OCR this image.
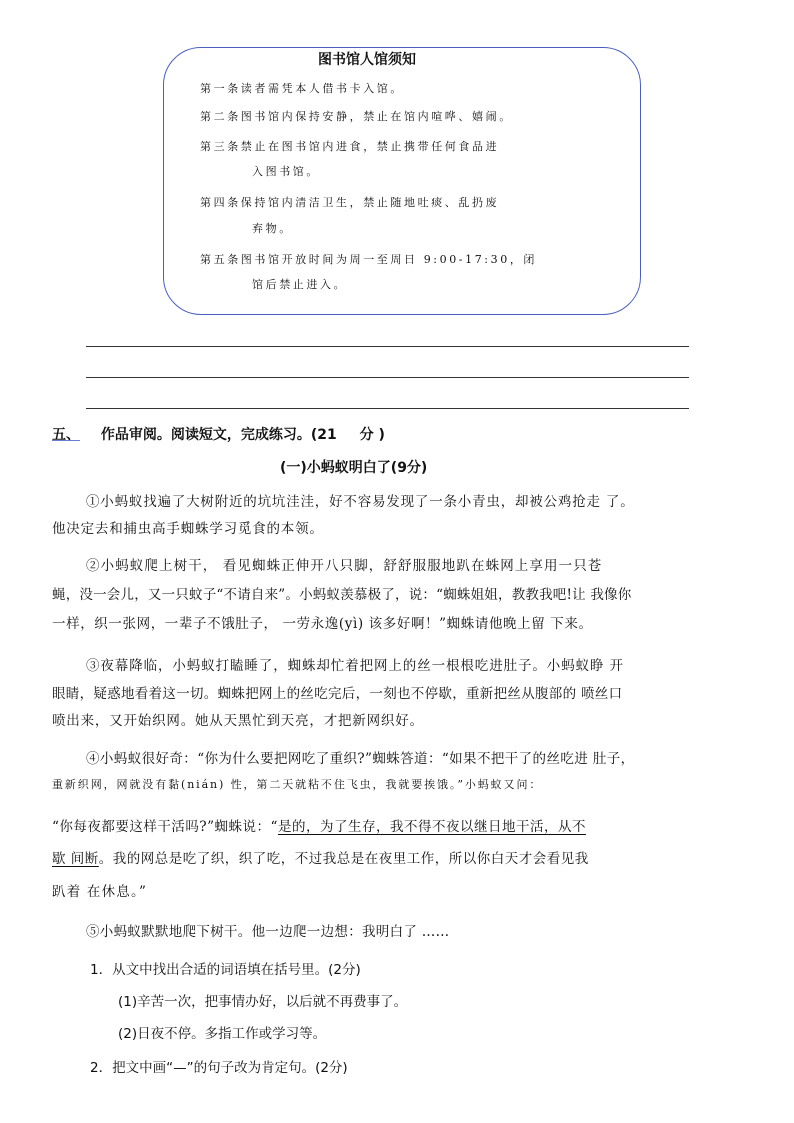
图书馆人馆须知
第一条读者需凭本人借书卡入馆。
第二条图书馆内保持安静，禁止在馆内喧哗、嬉闹。
第三条禁止在图书馆内进食，禁止携带任何食品进
入图书馆。
第四条保持馆内清洁卫生，禁止随地吐痰、乱扔废
弃物。
第五条图书馆开放时间为周一至周日 9:00-17:30，闭
馆后禁止进入。
五、 作品审阅。阅读短文，完成练习。(21 分 )
(一)小蚂蚁明白了(9分)
①小蚂蚁找遍了大树附近的坑坑洼洼，好不容易发现了一条小青虫，却被公鸡抢走 了。
他决定去和捕虫高手蜘蛛学习觅食的本领。
②小蚂蚁爬上树干， 看见蜘蛛正伸开八只脚，舒舒服服地趴在蛛网上享用一只苍
蝇，没一会儿，又一只蚊子“不请自来”。小蚂蚁羡慕极了，说：“蜘蛛姐姐，教教我吧!让 我像你
一样，织一张网，一辈子不饿肚子， 一劳永逸(yì) 该多好啊！”蜘蛛请他晚上留 下来。
③夜幕降临，小蚂蚁打瞌睡了，蜘蛛却忙着把网上的丝一根根吃进肚子。小蚂蚁睁 开
眼睛，疑惑地看着这一切。蜘蛛把网上的丝吃完后，一刻也不停歇，重新把丝从腹部的 喷丝口
喷出来，又开始织网。她从天黑忙到天亮，才把新网织好。
④小蚂蚁很好奇：“你为什么要把网吃了重织?”蜘蛛答道：“如果不把干了的丝吃进 肚子，
重新织网，网就没有黏(nián) 性，第二天就粘不住飞虫，我就要挨饿。”小蚂蚁又问：
“你每夜都要这样干活吗?”蜘蛛说：“是的，为了生存，我不得不夜以继日地干活，从不
歇 间断。我的网总是吃了织，织了吃，不过我总是在夜里工作，所以你白天才会看见我
趴着 在休息。”
⑤小蚂蚁默默地爬下树干。他一边爬一边想：我明白了 ……
1．从文中找出合适的词语填在括号里。(2分)
(1)辛苦一次，把事情办好，以后就不再费事了。
(2)日夜不停。多指工作或学习等。
2．把文中画“—”的句子改为肯定句。(2分)
